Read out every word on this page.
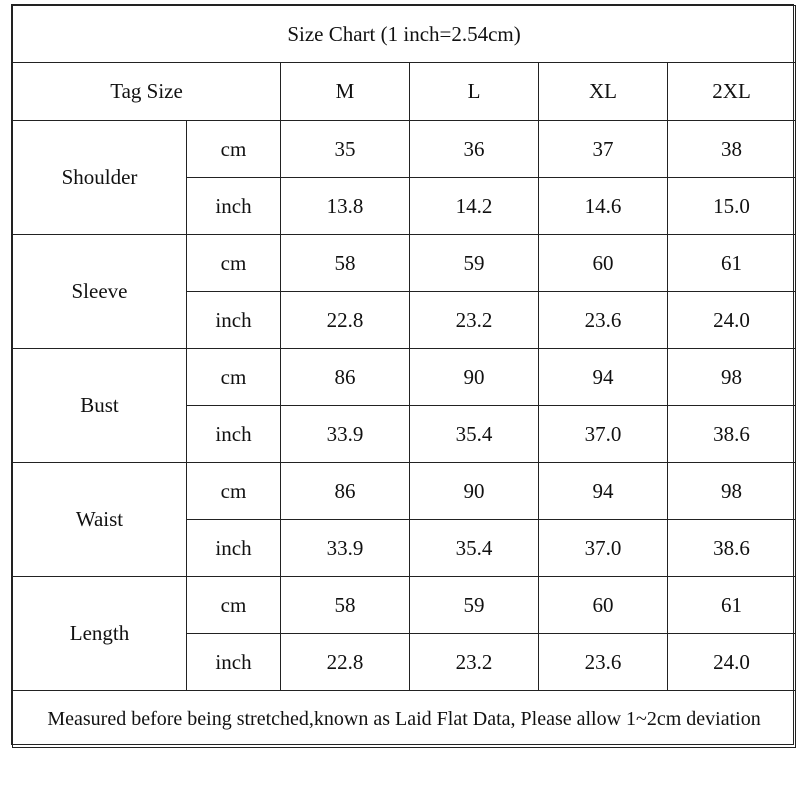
Size Chart (1 inch=2.54cm)					
Tag Size		M	L	XL	2XL
Shoulder	cm	35	36	37	38
	inch	13.8	14.2	14.6	15.0
Sleeve	cm	58	59	60	61
	inch	22.8	23.2	23.6	24.0
Bust	cm	86	90	94	98
	inch	33.9	35.4	37.0	38.6
Waist	cm	86	90	94	98
	inch	33.9	35.4	37.0	38.6
Length	cm	58	59	60	61
	inch	22.8	23.2	23.6	24.0
Measured before being stretched,known as Laid Flat Data, Please allow 1~2cm deviation					
